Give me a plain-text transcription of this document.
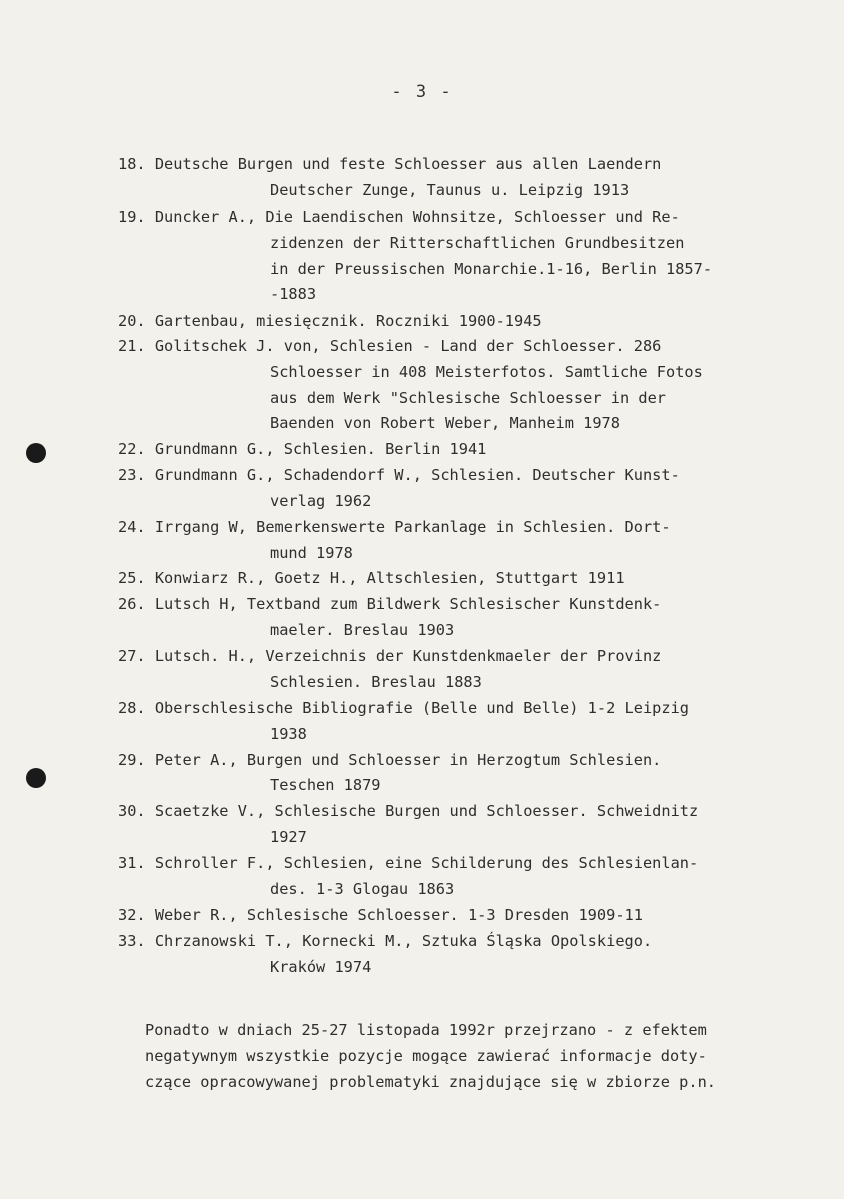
- 3 -
18. Deutsche Burgen und feste Schloesser aus allen Laendern
Deutscher Zunge, Taunus u. Leipzig 1913
19. Duncker A., Die Laendischen Wohnsitze, Schloesser und Re-
zidenzen der Ritterschaftlichen Grundbesitzen
in der Preussischen Monarchie.1-16, Berlin 1857-
-1883
20. Gartenbau, miesięcznik. Roczniki 1900-1945
21. Golitschek J. von, Schlesien - Land der Schloesser. 286
Schloesser in 408 Meisterfotos. Samtliche Fotos
aus dem Werk "Schlesische Schloesser in der
Baenden von Robert Weber, Manheim 1978
22. Grundmann G., Schlesien. Berlin 1941
23. Grundmann G., Schadendorf W., Schlesien. Deutscher Kunst-
verlag 1962
24. Irrgang W, Bemerkenswerte Parkanlage in Schlesien. Dort-
mund 1978
25. Konwiarz R., Goetz H., Altschlesien, Stuttgart 1911
26. Lutsch H, Textband zum Bildwerk Schlesischer Kunstdenk-
maeler. Breslau 1903
27. Lutsch. H., Verzeichnis der Kunstdenkmaeler der Provinz
Schlesien. Breslau 1883
28. Oberschlesische Bibliografie (Belle und Belle) 1-2 Leipzig
1938
29. Peter A., Burgen und Schloesser in Herzogtum Schlesien.
Teschen 1879
30. Scaetzke V., Schlesische Burgen und Schloesser. Schweidnitz
1927
31. Schroller F., Schlesien, eine Schilderung des Schlesienlan-
des. 1-3 Glogau 1863
32. Weber R., Schlesische Schloesser. 1-3 Dresden 1909-11
33. Chrzanowski T., Kornecki M., Sztuka Śląska Opolskiego.
Kraków 1974
Ponadto w dniach 25-27 listopada 1992r przejrzano - z efektem
negatywnym wszystkie pozycje mogące zawierać informacje doty-
czące opracowywanej problematyki znajdujące się w zbiorze p.n.
